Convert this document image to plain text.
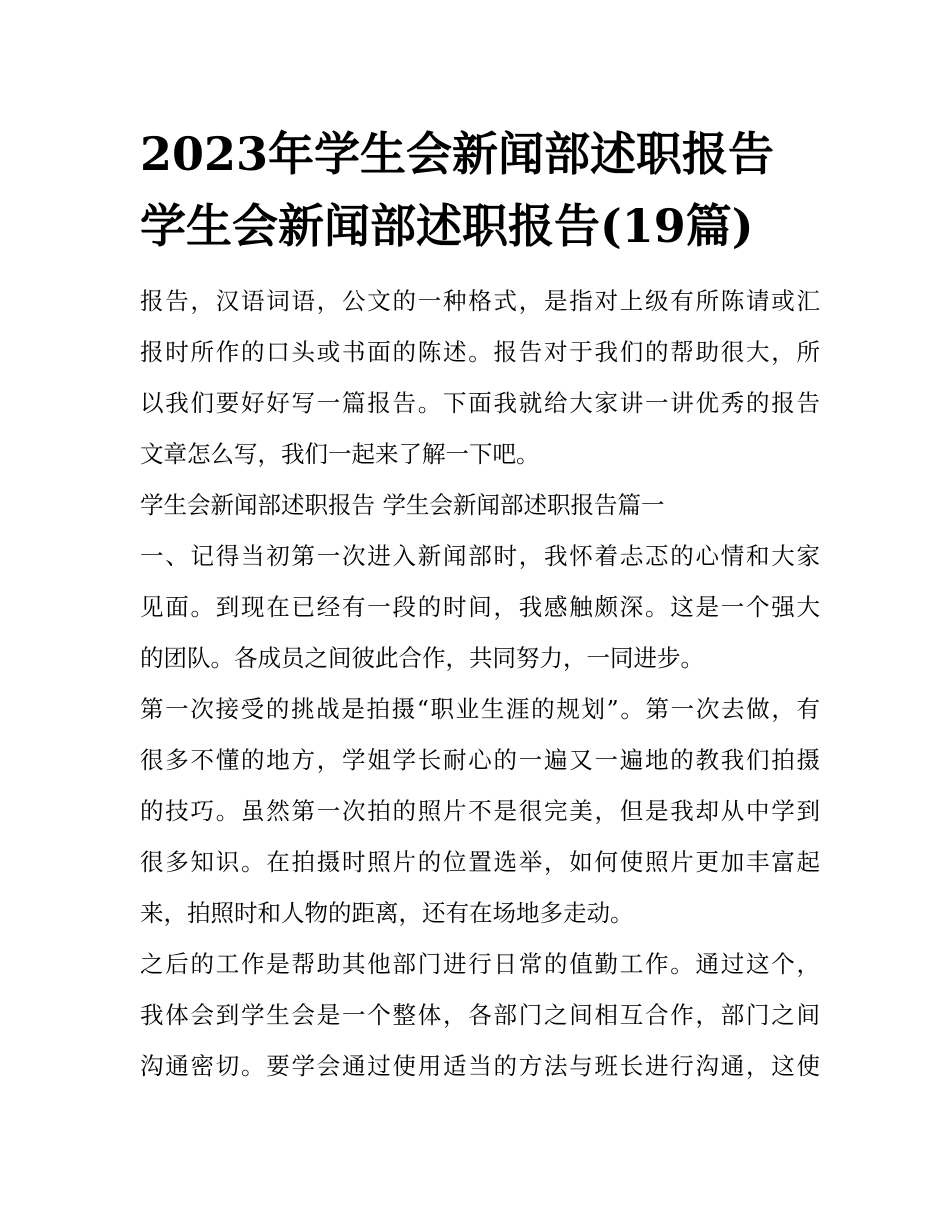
2023年学生会新闻部述职报告
学生会新闻部述职报告(19篇)

报告，汉语词语，公文的一种格式，是指对上级有所陈请或汇
报时所作的口头或书面的陈述。报告对于我们的帮助很大，所
以我们要好好写一篇报告。下面我就给大家讲一讲优秀的报告
文章怎么写，我们一起来了解一下吧。

学生会新闻部述职报告 学生会新闻部述职报告篇一

一、记得当初第一次进入新闻部时，我怀着忐忑的心情和大家
见面。到现在已经有一段的时间，我感触颇深。这是一个强大
的团队。各成员之间彼此合作，共同努力，一同进步。

第一次接受的挑战是拍摄“职业生涯的规划”。第一次去做，有
很多不懂的地方，学姐学长耐心的一遍又一遍地的教我们拍摄
的技巧。虽然第一次拍的照片不是很完美，但是我却从中学到
很多知识。在拍摄时照片的位置选举，如何使照片更加丰富起
来，拍照时和人物的距离，还有在场地多走动。

之后的工作是帮助其他部门进行日常的值勤工作。通过这个，
我体会到学生会是一个整体，各部门之间相互合作，部门之间
沟通密切。要学会通过使用适当的方法与班长进行沟通，这使
